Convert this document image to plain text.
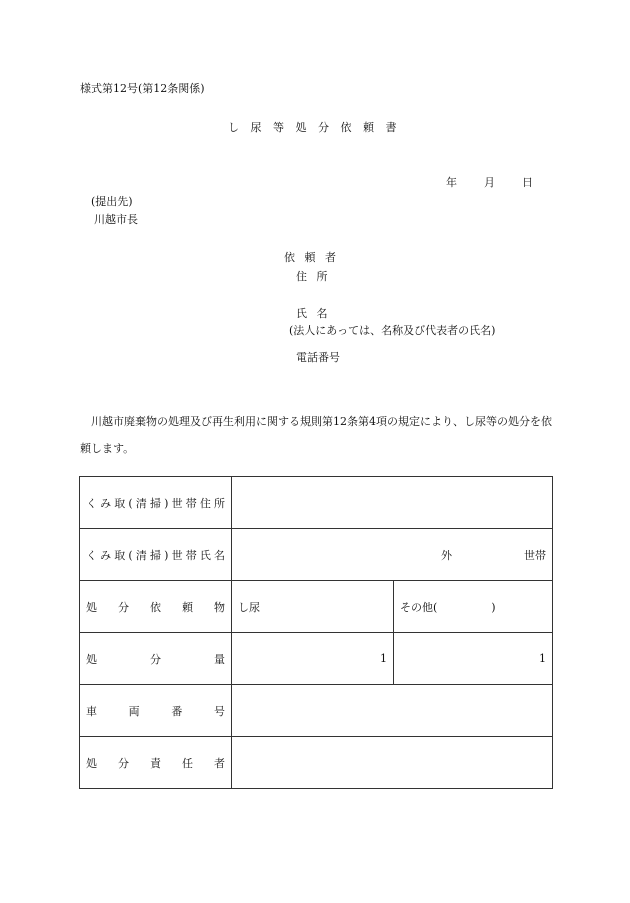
様式第12号(第12条関係)
し 尿 等 処 分 依 頼 書
年 月 日
(提出先)
川越市長
依 頼 者
住 所
氏 名
(法人にあっては、名称及び代表者の氏名)
電話番号
川越市廃棄物の処理及び再生利用に関する規則第12条第4項の規定により、し尿等の処分を依頼します。
くみ取(清掃)世帯住所		
くみ取(清掃)世帯氏名	外 世帯	

処分依頼物	し尿	その他( )
処分量	1	1
車両番号		
処分責任者		
